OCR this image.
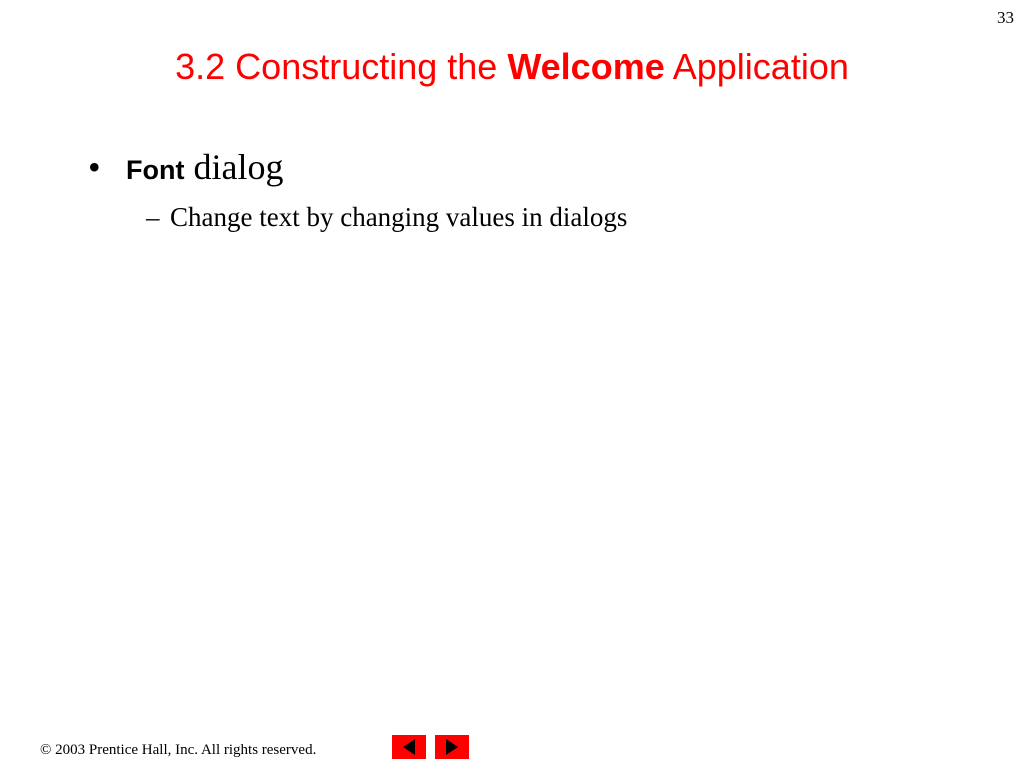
33
3.2 Constructing the Welcome Application
• Font dialog
– Change text by changing values in dialogs
© 2003 Prentice Hall, Inc. All rights reserved.
